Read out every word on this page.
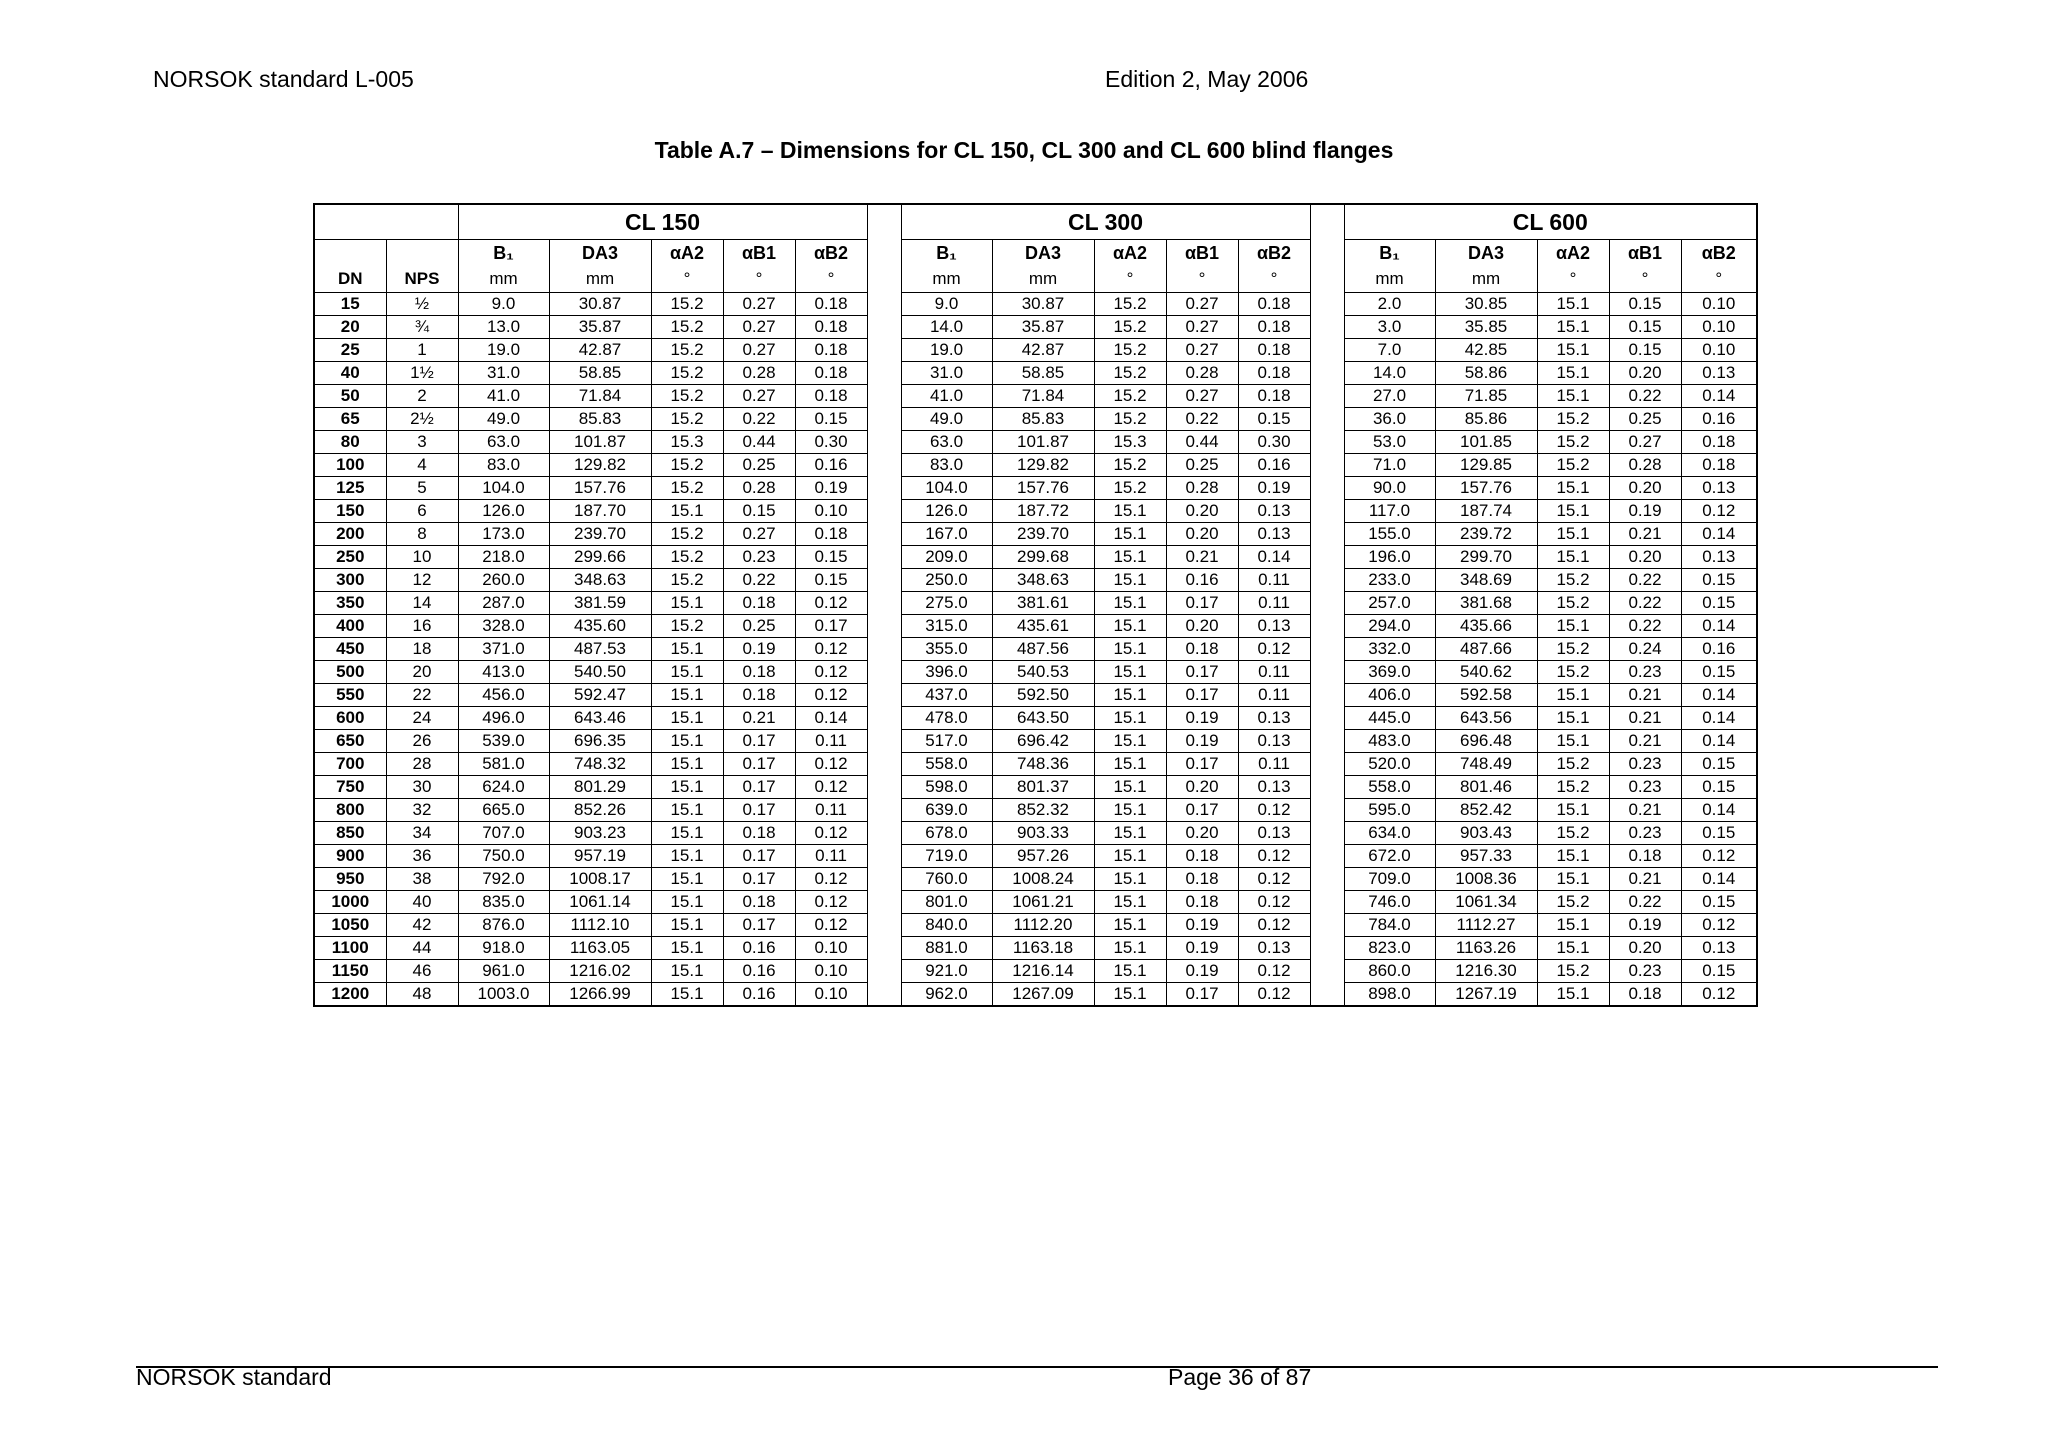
NORSOK standard L-005	Edition 2, May 2006
Table A.7 – Dimensions for CL 150, CL 300 and CL 600 blind flanges
		CL 150						CL 300						CL 600				
		B₁	DA3	αA2	αB1	αB2		B₁	DA3	αA2	αB1	αB2		B₁	DA3	αA2	αB1	αB2
DN	NPS	mm	mm	°	°	°		mm	mm	°	°	°		mm	mm	°	°	°
15	½	9.0	30.87	15.2	0.27	0.18		9.0	30.87	15.2	0.27	0.18		2.0	30.85	15.1	0.15	0.10
20	¾	13.0	35.87	15.2	0.27	0.18		14.0	35.87	15.2	0.27	0.18		3.0	35.85	15.1	0.15	0.10
25	1	19.0	42.87	15.2	0.27	0.18		19.0	42.87	15.2	0.27	0.18		7.0	42.85	15.1	0.15	0.10
40	1½	31.0	58.85	15.2	0.28	0.18		31.0	58.85	15.2	0.28	0.18		14.0	58.86	15.1	0.20	0.13
50	2	41.0	71.84	15.2	0.27	0.18		41.0	71.84	15.2	0.27	0.18		27.0	71.85	15.1	0.22	0.14
65	2½	49.0	85.83	15.2	0.22	0.15		49.0	85.83	15.2	0.22	0.15		36.0	85.86	15.2	0.25	0.16
80	3	63.0	101.87	15.3	0.44	0.30		63.0	101.87	15.3	0.44	0.30		53.0	101.85	15.2	0.27	0.18
100	4	83.0	129.82	15.2	0.25	0.16		83.0	129.82	15.2	0.25	0.16		71.0	129.85	15.2	0.28	0.18
125	5	104.0	157.76	15.2	0.28	0.19		104.0	157.76	15.2	0.28	0.19		90.0	157.76	15.1	0.20	0.13
150	6	126.0	187.70	15.1	0.15	0.10		126.0	187.72	15.1	0.20	0.13		117.0	187.74	15.1	0.19	0.12
200	8	173.0	239.70	15.2	0.27	0.18		167.0	239.70	15.1	0.20	0.13		155.0	239.72	15.1	0.21	0.14
250	10	218.0	299.66	15.2	0.23	0.15		209.0	299.68	15.1	0.21	0.14		196.0	299.70	15.1	0.20	0.13
300	12	260.0	348.63	15.2	0.22	0.15		250.0	348.63	15.1	0.16	0.11		233.0	348.69	15.2	0.22	0.15
350	14	287.0	381.59	15.1	0.18	0.12		275.0	381.61	15.1	0.17	0.11		257.0	381.68	15.2	0.22	0.15
400	16	328.0	435.60	15.2	0.25	0.17		315.0	435.61	15.1	0.20	0.13		294.0	435.66	15.1	0.22	0.14
450	18	371.0	487.53	15.1	0.19	0.12		355.0	487.56	15.1	0.18	0.12		332.0	487.66	15.2	0.24	0.16
500	20	413.0	540.50	15.1	0.18	0.12		396.0	540.53	15.1	0.17	0.11		369.0	540.62	15.2	0.23	0.15
550	22	456.0	592.47	15.1	0.18	0.12		437.0	592.50	15.1	0.17	0.11		406.0	592.58	15.1	0.21	0.14
600	24	496.0	643.46	15.1	0.21	0.14		478.0	643.50	15.1	0.19	0.13		445.0	643.56	15.1	0.21	0.14
650	26	539.0	696.35	15.1	0.17	0.11		517.0	696.42	15.1	0.19	0.13		483.0	696.48	15.1	0.21	0.14
700	28	581.0	748.32	15.1	0.17	0.12		558.0	748.36	15.1	0.17	0.11		520.0	748.49	15.2	0.23	0.15
750	30	624.0	801.29	15.1	0.17	0.12		598.0	801.37	15.1	0.20	0.13		558.0	801.46	15.2	0.23	0.15
800	32	665.0	852.26	15.1	0.17	0.11		639.0	852.32	15.1	0.17	0.12		595.0	852.42	15.1	0.21	0.14
850	34	707.0	903.23	15.1	0.18	0.12		678.0	903.33	15.1	0.20	0.13		634.0	903.43	15.2	0.23	0.15
900	36	750.0	957.19	15.1	0.17	0.11		719.0	957.26	15.1	0.18	0.12		672.0	957.33	15.1	0.18	0.12
950	38	792.0	1008.17	15.1	0.17	0.12		760.0	1008.24	15.1	0.18	0.12		709.0	1008.36	15.1	0.21	0.14
1000	40	835.0	1061.14	15.1	0.18	0.12		801.0	1061.21	15.1	0.18	0.12		746.0	1061.34	15.2	0.22	0.15
1050	42	876.0	1112.10	15.1	0.17	0.12		840.0	1112.20	15.1	0.19	0.12		784.0	1112.27	15.1	0.19	0.12
1100	44	918.0	1163.05	15.1	0.16	0.10		881.0	1163.18	15.1	0.19	0.13		823.0	1163.26	15.1	0.20	0.13
1150	46	961.0	1216.02	15.1	0.16	0.10		921.0	1216.14	15.1	0.19	0.12		860.0	1216.30	15.2	0.23	0.15
1200	48	1003.0	1266.99	15.1	0.16	0.10		962.0	1267.09	15.1	0.17	0.12		898.0	1267.19	15.1	0.18	0.12
NORSOK standard	Page 36 of 87
